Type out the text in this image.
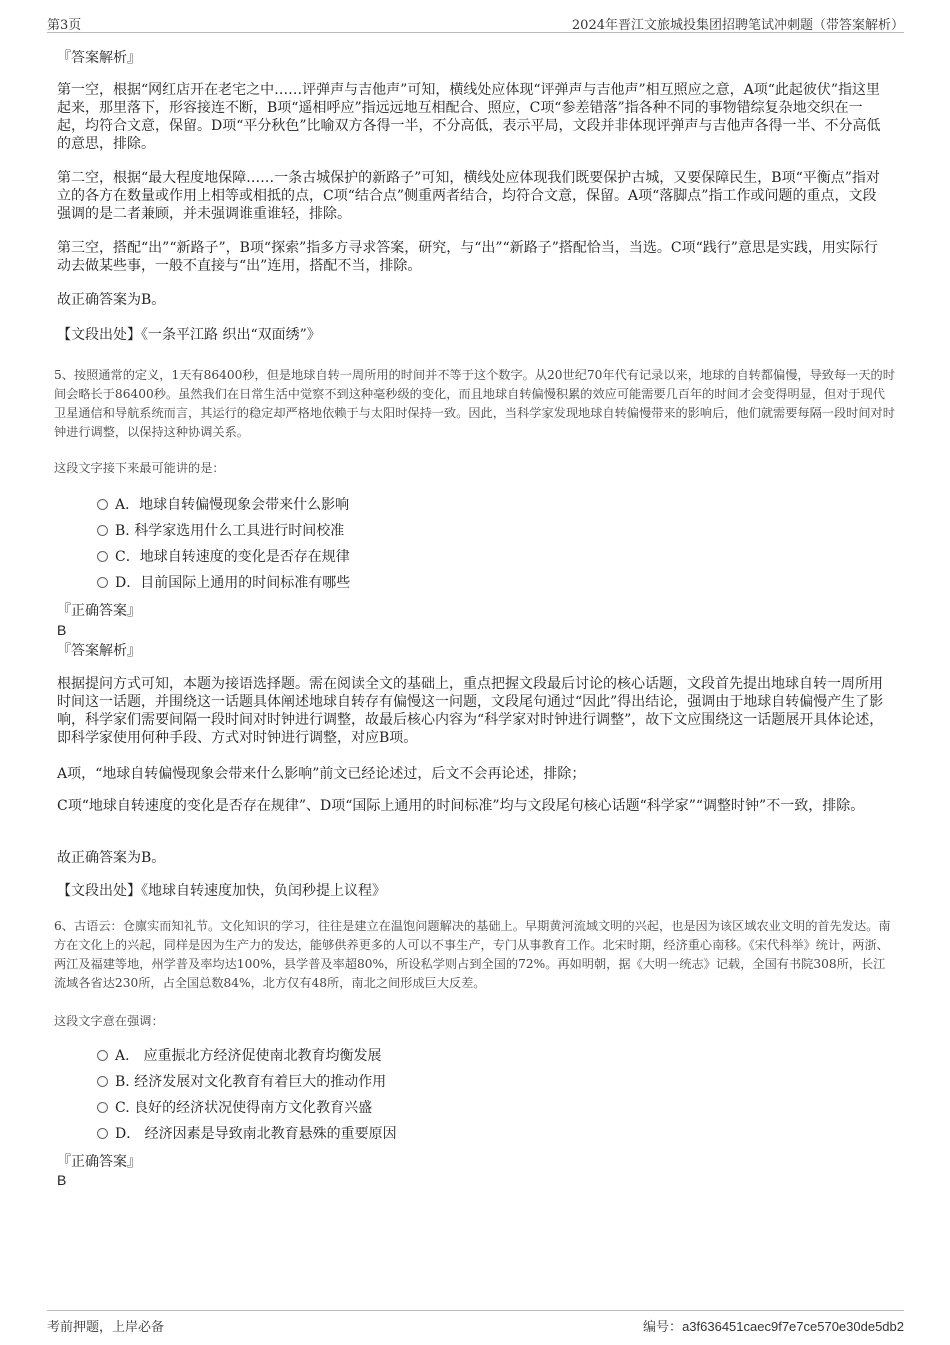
第3页	2024年晋江文旅城投集团招聘笔试冲刺题（带答案解析）
『答案解析』

第一空，根据“网红店开在老宅之中……评弹声与吉他声”可知，横线处应体现“评弹声与吉他声”相互照应之意，A项“此起彼伏”指这里起来，那里落下，形容接连不断，B项“遥相呼应”指远远地互相配合、照应，C项“参差错落”指各种不同的事物错综复杂地交织在一起，均符合文意，保留。D项“平分秋色”比喻双方各得一半，不分高低，表示平局，文段并非体现评弹声与吉他声各得一半、不分高低的意思，排除。

第二空，根据“最大程度地保障……一条古城保护的新路子”可知，横线处应体现我们既要保护古城，又要保障民生，B项“平衡点”指对立的各方在数量或作用上相等或相抵的点，C项“结合点”侧重两者结合，均符合文意，保留。A项“落脚点”指工作或问题的重点，文段强调的是二者兼顾，并未强调谁重谁轻，排除。

第三空，搭配“出”“新路子”，B项“探索”指多方寻求答案，研究，与“出”“新路子”搭配恰当，当选。C项“践行”意思是实践，用实际行动去做某些事，一般不直接与“出”连用，搭配不当，排除。

故正确答案为B。
【文段出处】《一条平江路 织出“双面绣”》

5、按照通常的定义，1天有86400秒，但是地球自转一周所用的时间并不等于这个数字。从20世纪70年代有记录以来，地球的自转都偏慢，导致每一天的时间会略长于86400秒。虽然我们在日常生活中觉察不到这种毫秒级的变化，而且地球自转偏慢积累的效应可能需要几百年的时间才会变得明显，但对于现代卫星通信和导航系统而言，其运行的稳定却严格地依赖于与太阳时保持一致。因此，当科学家发现地球自转偏慢带来的影响后，他们就需要每隔一段时间对时钟进行调整，以保持这种协调关系。

这段文字接下来最可能讲的是：
A．地球自转偏慢现象会带来什么影响
B. 科学家选用什么工具进行时间校准
C．地球自转速度的变化是否存在规律
D．目前国际上通用的时间标准有哪些
『正确答案』
B
『答案解析』

根据提问方式可知，本题为接语选择题。需在阅读全文的基础上，重点把握文段最后讨论的核心话题，文段首先提出地球自转一周所用时间这一话题，并围绕这一话题具体阐述地球自转存有偏慢这一问题，文段尾句通过“因此”得出结论，强调由于地球自转偏慢产生了影响，科学家们需要间隔一段时间对时钟进行调整，故最后核心内容为“科学家对时钟进行调整”，故下文应围绕这一话题展开具体论述，即科学家使用何种手段、方式对时钟进行调整，对应B项。

A项，“地球自转偏慢现象会带来什么影响”前文已经论述过，后文不会再论述，排除；

C项“地球自转速度的变化是否存在规律”、D项“国际上通用的时间标准”均与文段尾句核心话题“科学家”“调整时钟”不一致，排除。

故正确答案为B。
【文段出处】《地球自转速度加快，负闰秒提上议程》

6、古语云：仓廪实而知礼节。文化知识的学习，往往是建立在温饱问题解决的基础上。早期黄河流域文明的兴起，也是因为该区域农业文明的首先发达。南方在文化上的兴起，同样是因为生产力的发达，能够供养更多的人可以不事生产，专门从事教育工作。北宋时期，经济重心南移。《宋代科举》统计，两浙、两江及福建等地，州学普及率均达100%，县学普及率超80%，所设私学则占到全国的72%。再如明朝，据《大明一统志》记载，全国有书院308所，长江流域各省达230所，占全国总数84%，北方仅有48所，南北之间形成巨大反差。

这段文字意在强调：
A． 应重振北方经济促使南北教育均衡发展
B. 经济发展对文化教育有着巨大的推动作用
C. 良好的经济状况使得南方文化教育兴盛
D． 经济因素是导致南北教育悬殊的重要原因
『正确答案』
B
考前押题，上岸必备	编号：a3f636451caec9f7e7ce570e30de5db2
